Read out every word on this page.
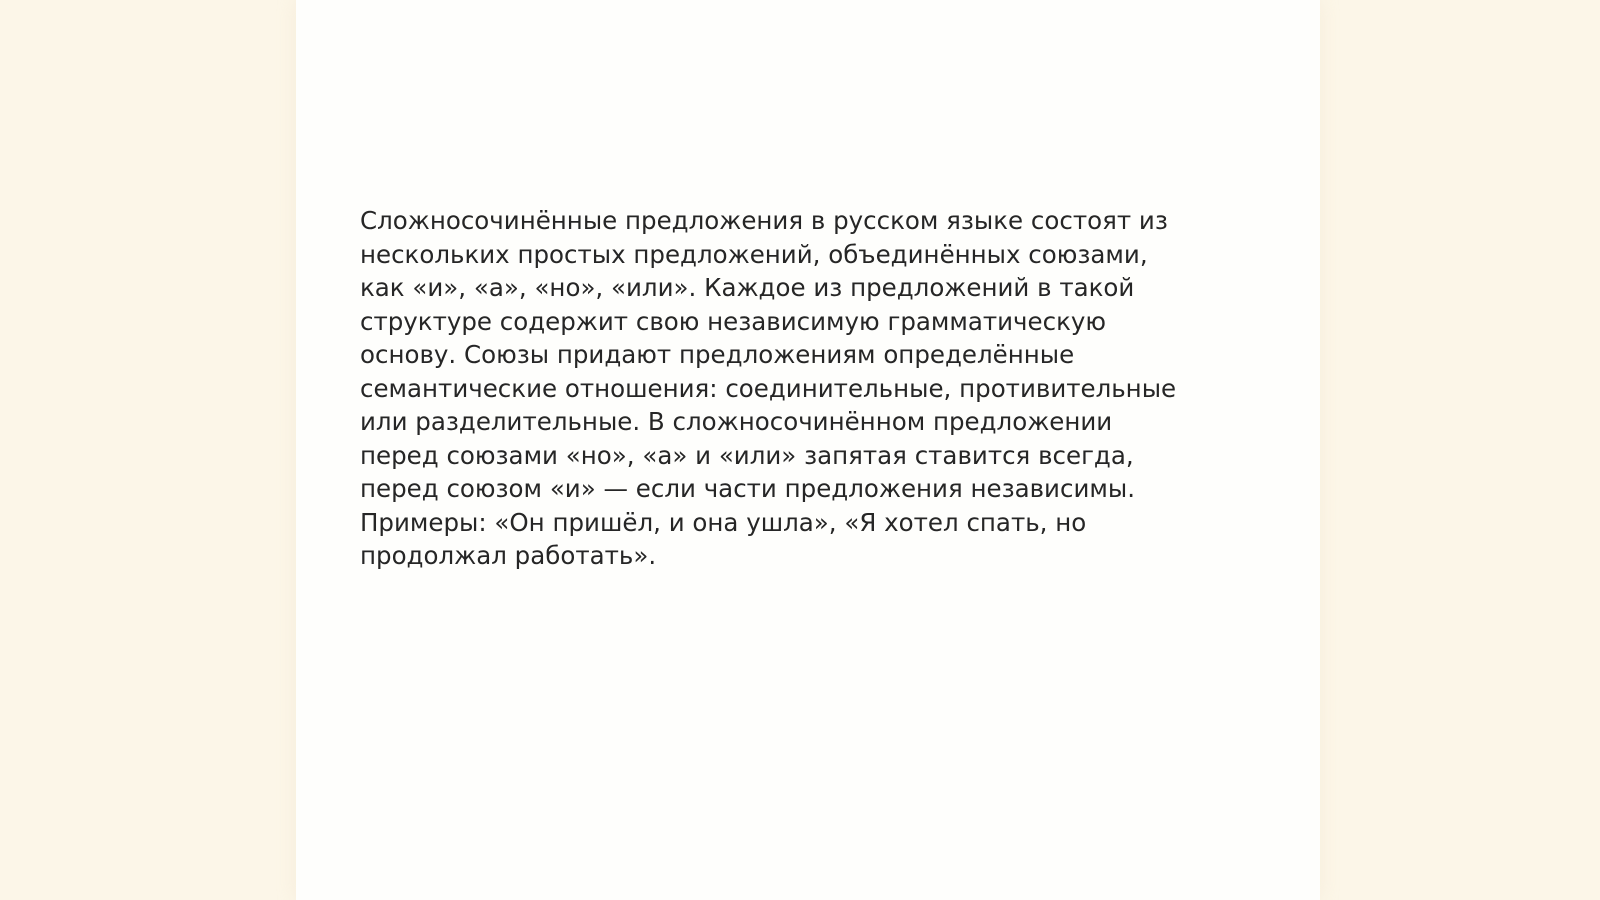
Сложносочинённые предложения в русском языке состоят из
нескольких простых предложений, объединённых союзами,
как «и», «а», «но», «или». Каждое из предложений в такой
структуре содержит свою независимую грамматическую
основу. Союзы придают предложениям определённые
семантические отношения: соединительные, противительные
или разделительные. В сложносочинённом предложении
перед союзами «но», «а» и «или» запятая ставится всегда,
перед союзом «и» — если части предложения независимы.
Примеры: «Он пришёл, и она ушла», «Я хотел спать, но
продолжал работать».
